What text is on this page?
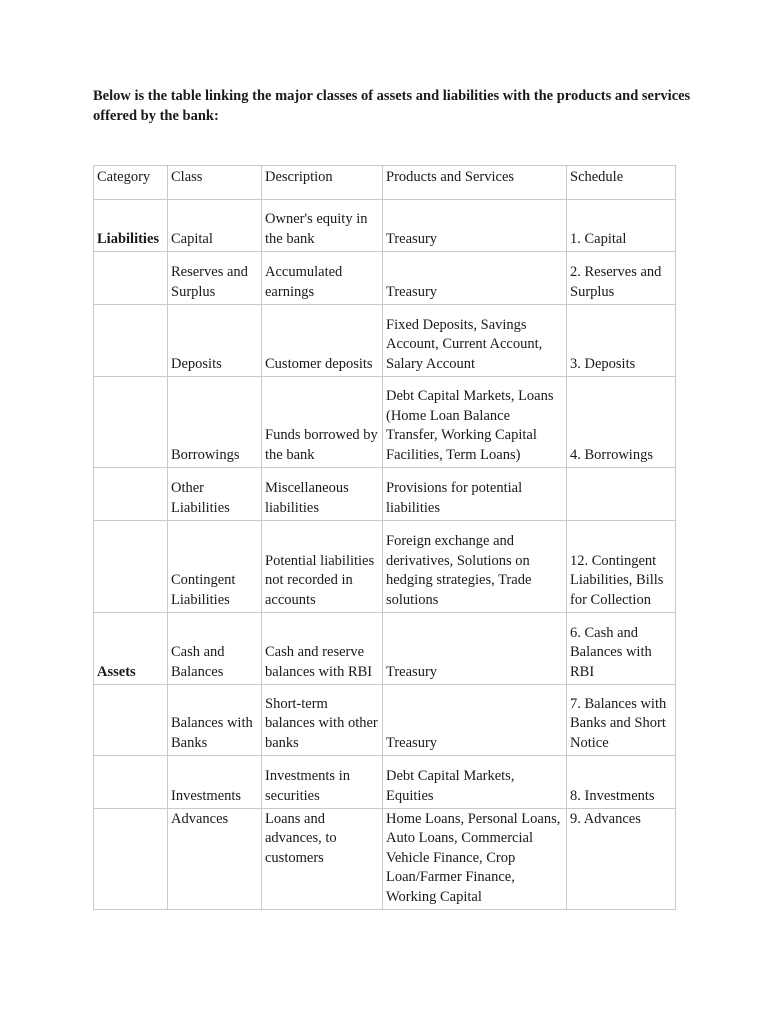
Below is the table linking the major classes of assets and liabilities with the products and services offered by the bank:
Category	Class	Description	Products and Services	Schedule
Liabilities	Capital	Owner's equity in the bank	Treasury	1. Capital
	Reserves and Surplus	Accumulated earnings	Treasury	2. Reserves and Surplus
	Deposits	Customer deposits	Fixed Deposits, Savings Account, Current Account, Salary Account	3. Deposits
	Borrowings	Funds borrowed by the bank	Debt Capital Markets, Loans (Home Loan Balance Transfer, Working Capital Facilities, Term Loans)	4. Borrowings
	Other Liabilities	Miscellaneous liabilities	Provisions for potential liabilities	
	Contingent Liabilities	Potential liabilities not recorded in accounts	Foreign exchange and derivatives, Solutions on hedging strategies, Trade solutions	12. Contingent Liabilities, Bills for Collection
Assets	Cash and Balances	Cash and reserve balances with RBI	Treasury	6. Cash and Balances with RBI
	Balances with Banks	Short-term balances with other banks	Treasury	7. Balances with Banks and Short Notice
	Investments	Investments in securities	Debt Capital Markets, Equities	8. Investments
	Advances	Loans and advances, to customers	Home Loans, Personal Loans, Auto Loans, Commercial Vehicle Finance, Crop Loan/Farmer Finance, Working Capital	9. Advances
